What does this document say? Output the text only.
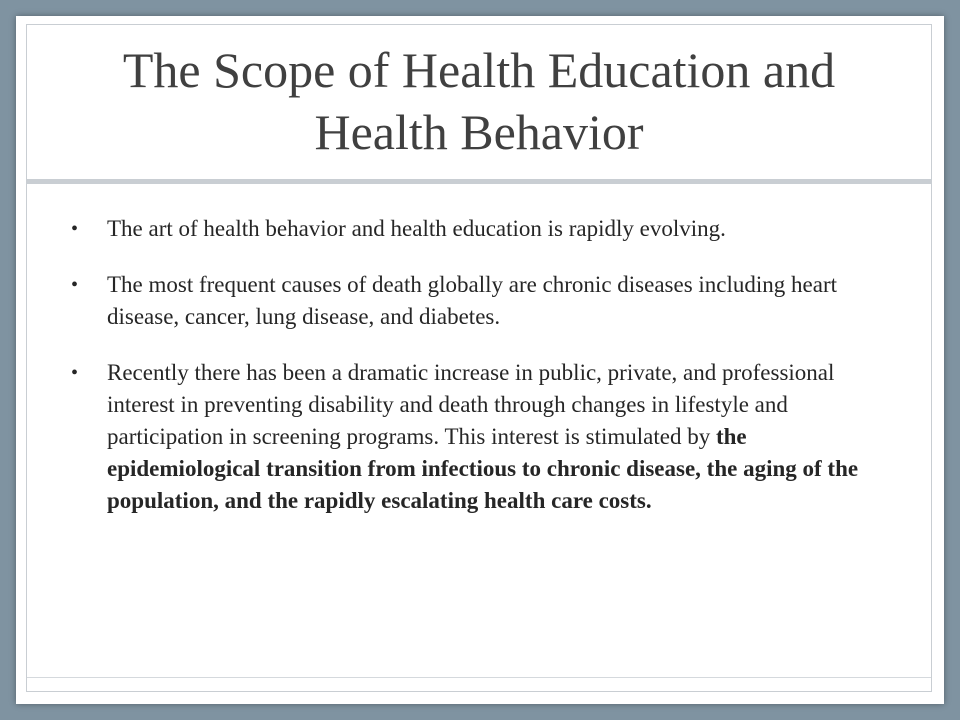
The Scope of Health Education and Health Behavior
• The art of health behavior and health education is rapidly evolving.
• The most frequent causes of death globally are chronic diseases including heart disease, cancer, lung disease, and diabetes.
• Recently there has been a dramatic increase in public, private, and professional interest in preventing disability and death through changes in lifestyle and participation in screening programs. This interest is stimulated by the epidemiological transition from infectious to chronic disease, the aging of the population, and the rapidly escalating health care costs.
